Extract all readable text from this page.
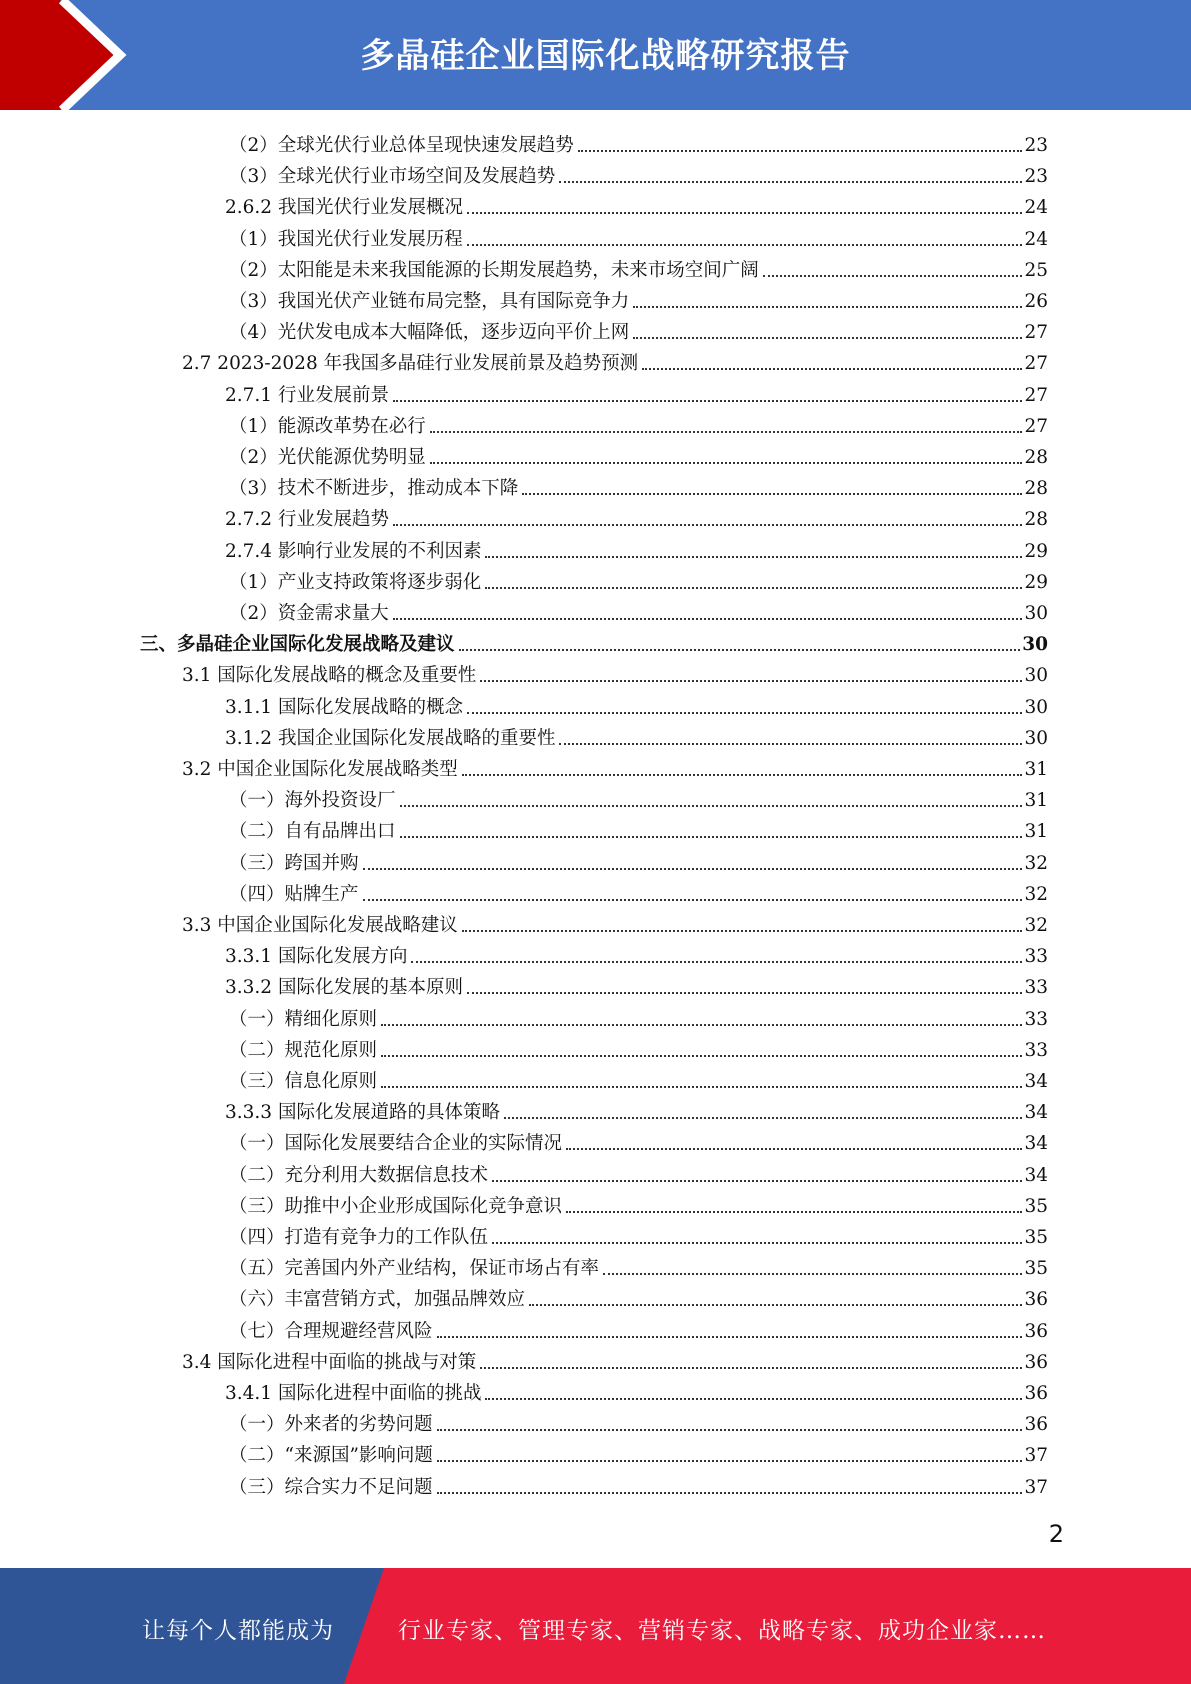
多晶硅企业国际化战略研究报告
（2）全球光伏行业总体呈现快速发展趋势	23
（3）全球光伏行业市场空间及发展趋势	23
2.6.2 我国光伏行业发展概况	24
（1）我国光伏行业发展历程	24
（2）太阳能是未来我国能源的长期发展趋势，未来市场空间广阔	25
（3）我国光伏产业链布局完整，具有国际竞争力	26
（4）光伏发电成本大幅降低，逐步迈向平价上网	27
2.7 2023-2028 年我国多晶硅行业发展前景及趋势预测	27
2.7.1 行业发展前景	27
（1）能源改革势在必行	27
（2）光伏能源优势明显	28
（3）技术不断进步，推动成本下降	28
2.7.2 行业发展趋势	28
2.7.4 影响行业发展的不利因素	29
（1）产业支持政策将逐步弱化	29
（2）资金需求量大	30
三、多晶硅企业国际化发展战略及建议	30
3.1 国际化发展战略的概念及重要性	30
3.1.1 国际化发展战略的概念	30
3.1.2 我国企业国际化发展战略的重要性	30
3.2 中国企业国际化发展战略类型	31
（一）海外投资设厂	31
（二）自有品牌出口	31
（三）跨国并购	32
（四）贴牌生产	32
3.3 中国企业国际化发展战略建议	32
3.3.1 国际化发展方向	33
3.3.2 国际化发展的基本原则	33
（一）精细化原则	33
（二）规范化原则	33
（三）信息化原则	34
3.3.3 国际化发展道路的具体策略	34
（一）国际化发展要结合企业的实际情况	34
（二）充分利用大数据信息技术	34
（三）助推中小企业形成国际化竞争意识	35
（四）打造有竞争力的工作队伍	35
（五）完善国内外产业结构，保证市场占有率	35
（六）丰富营销方式，加强品牌效应	36
（七）合理规避经营风险	36
3.4 国际化进程中面临的挑战与对策	36
3.4.1 国际化进程中面临的挑战	36
（一）外来者的劣势问题	36
（二）“来源国”影响问题	37
（三）综合实力不足问题	37
2
让每个人都能成为	行业专家、管理专家、营销专家、战略专家、成功企业家……
